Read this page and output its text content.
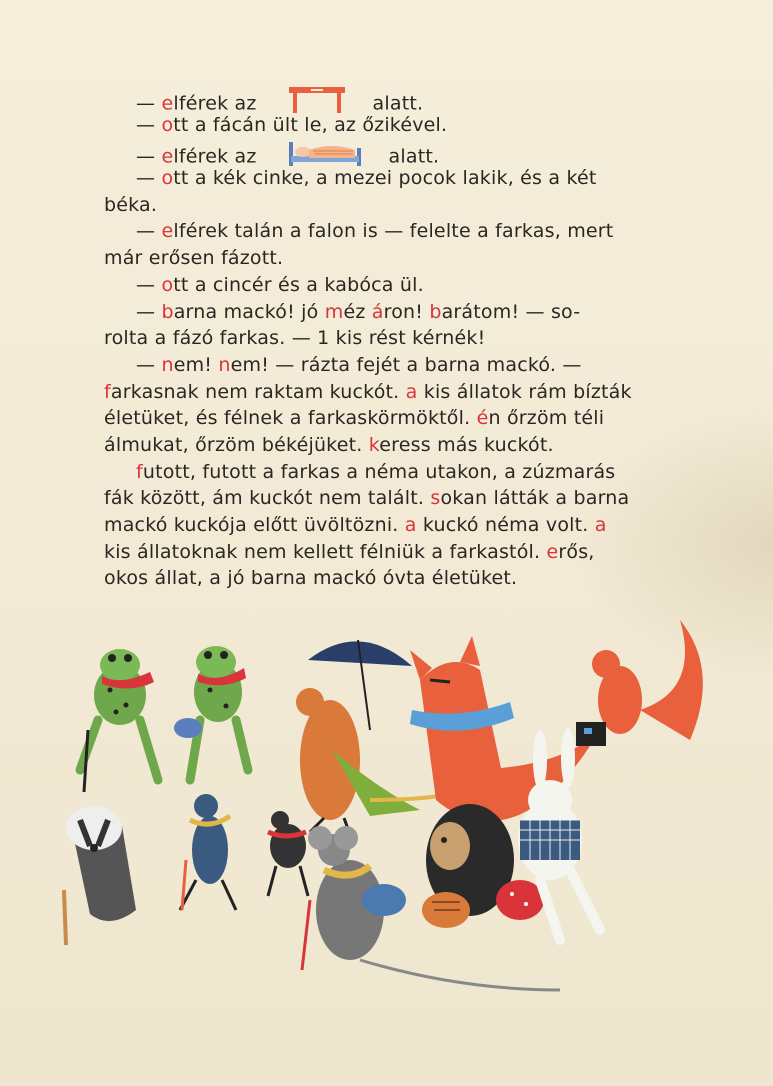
— elférek az	alatt.
— ott a fácán ült le, az őzikével.
— elférek az	alatt.
— ott a kék cinke, a mezei pocok lakik, és a két
béka.
— elférek talán a falon is — felelte a farkas, mert
már erősen fázott.
— ott a cincér és a kabóca ül.
— barna mackó! jó méz áron! barátom! — so-
rolta a fázó farkas. — 1 kis rést kérnék!
— nem! nem! — rázta fejét a barna mackó. —
farkasnak nem raktam kuckót. a kis állatok rám bízták
életüket, és félnek a farkaskörmöktől. én őrzöm téli
álmukat, őrzöm békéjüket. keress más kuckót.
futott, futott a farkas a néma utakon, a zúzmarás
fák között, ám kuckót nem talált. sokan látták a barna
mackó kuckója előtt üvöltözni. a kuckó néma volt. a
kis állatoknak nem kellett félniük a farkastól. erős,
okos állat, a jó barna mackó óvta életüket.
